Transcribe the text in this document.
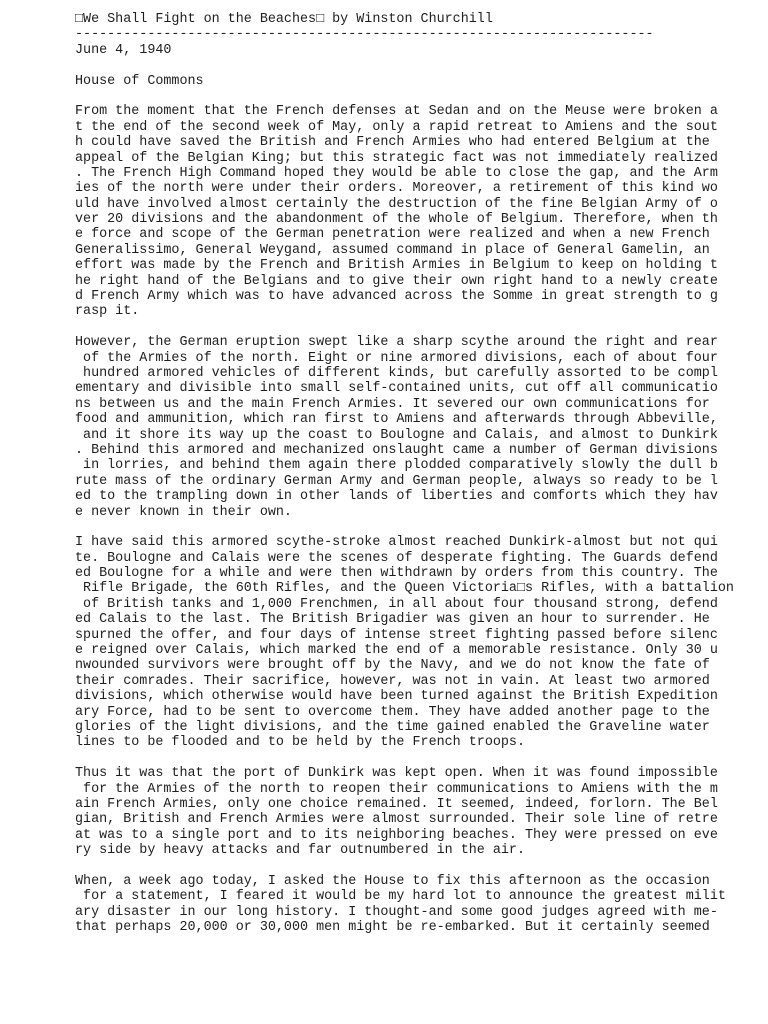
□We Shall Fight on the Beaches□ by Winston Churchill
------------------------------------------------------------------------
June 4, 1940
House of Commons
From the moment that the French defenses at Sedan and on the Meuse were broken a
t the end of the second week of May, only a rapid retreat to Amiens and the sout
h could have saved the British and French Armies who had entered Belgium at the
appeal of the Belgian King; but this strategic fact was not immediately realized
. The French High Command hoped they would be able to close the gap, and the Arm
ies of the north were under their orders. Moreover, a retirement of this kind wo
uld have involved almost certainly the destruction of the fine Belgian Army of o
ver 20 divisions and the abandonment of the whole of Belgium. Therefore, when th
e force and scope of the German penetration were realized and when a new French
Generalissimo, General Weygand, assumed command in place of General Gamelin, an
effort was made by the French and British Armies in Belgium to keep on holding t
he right hand of the Belgians and to give their own right hand to a newly create
d French Army which was to have advanced across the Somme in great strength to g
rasp it.
However, the German eruption swept like a sharp scythe around the right and rear
of the Armies of the north. Eight or nine armored divisions, each of about four
hundred armored vehicles of different kinds, but carefully assorted to be compl
ementary and divisible into small self-contained units, cut off all communicatio
ns between us and the main French Armies. It severed our own communications for
food and ammunition, which ran first to Amiens and afterwards through Abbeville,
and it shore its way up the coast to Boulogne and Calais, and almost to Dunkirk
. Behind this armored and mechanized onslaught came a number of German divisions
in lorries, and behind them again there plodded comparatively slowly the dull b
rute mass of the ordinary German Army and German people, always so ready to be l
ed to the trampling down in other lands of liberties and comforts which they hav
e never known in their own.
I have said this armored scythe-stroke almost reached Dunkirk-almost but not qui
te. Boulogne and Calais were the scenes of desperate fighting. The Guards defend
ed Boulogne for a while and were then withdrawn by orders from this country. The
Rifle Brigade, the 60th Rifles, and the Queen Victoria□s Rifles, with a battalion
of British tanks and 1,000 Frenchmen, in all about four thousand strong, defend
ed Calais to the last. The British Brigadier was given an hour to surrender. He
spurned the offer, and four days of intense street fighting passed before silenc
e reigned over Calais, which marked the end of a memorable resistance. Only 30 u
nwounded survivors were brought off by the Navy, and we do not know the fate of
their comrades. Their sacrifice, however, was not in vain. At least two armored
divisions, which otherwise would have been turned against the British Expedition
ary Force, had to be sent to overcome them. They have added another page to the
glories of the light divisions, and the time gained enabled the Graveline water
lines to be flooded and to be held by the French troops.
Thus it was that the port of Dunkirk was kept open. When it was found impossible
for the Armies of the north to reopen their communications to Amiens with the m
ain French Armies, only one choice remained. It seemed, indeed, forlorn. The Bel
gian, British and French Armies were almost surrounded. Their sole line of retre
at was to a single port and to its neighboring beaches. They were pressed on eve
ry side by heavy attacks and far outnumbered in the air.
When, a week ago today, I asked the House to fix this afternoon as the occasion
for a statement, I feared it would be my hard lot to announce the greatest milit
ary disaster in our long history. I thought-and some good judges agreed with me-
that perhaps 20,000 or 30,000 men might be re-embarked. But it certainly seemed
